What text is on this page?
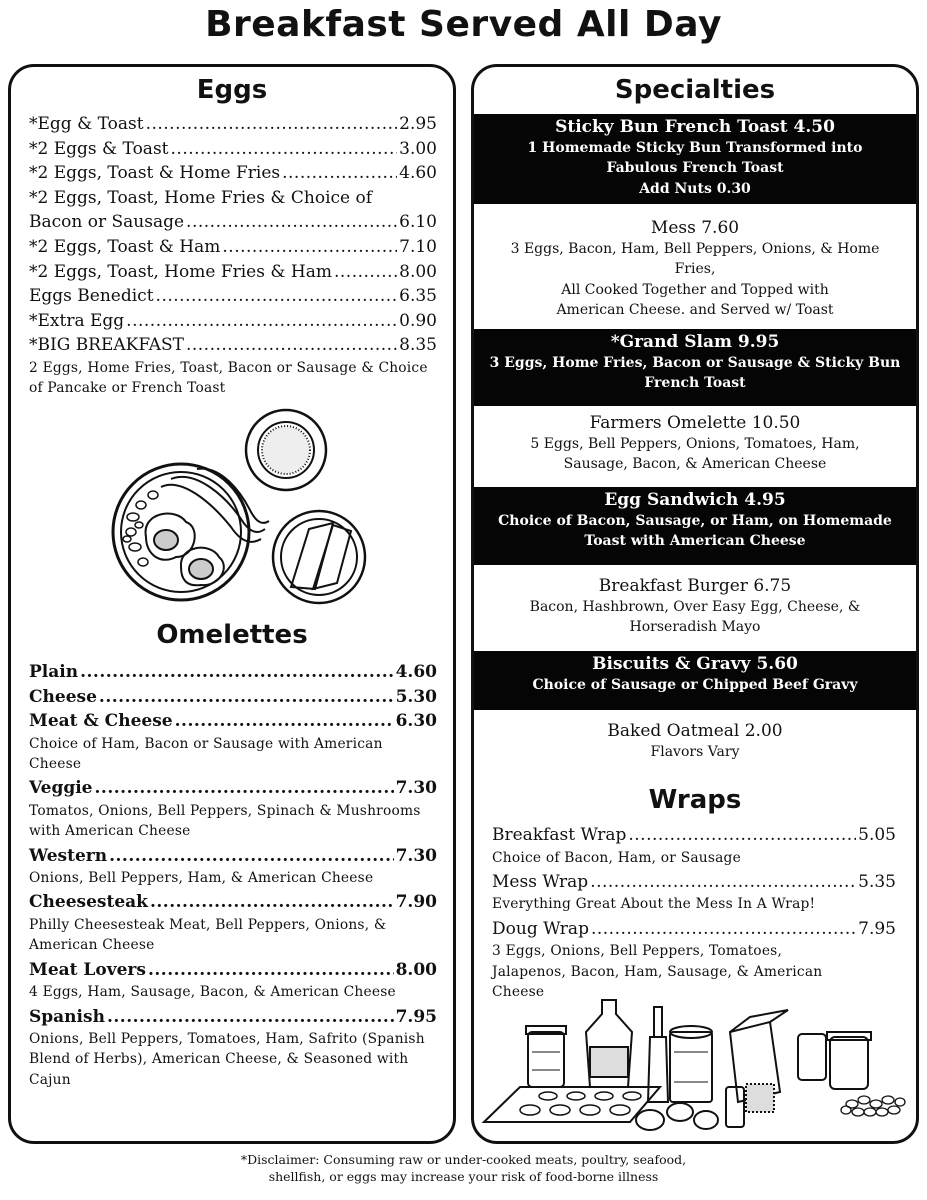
Breakfast Served All Day
Eggs
*Egg & Toast .....	2.95
*2 Eggs & Toast .....	3.00
*2 Eggs, Toast & Home Fries .....	4.60
*2 Eggs, Toast, Home Fries & Choice of
Bacon or Sausage .....	6.10
*2 Eggs, Toast & Ham .....	7.10
*2 Eggs, Toast, Home Fries & Ham .....	8.00
Eggs Benedict .....	6.35
*Extra Egg .....	0.90
*BIG BREAKFAST .....	8.35
2 Eggs, Home Fries, Toast, Bacon or Sausage & Choice of Pancake or French Toast
Omelettes
Plain .....	4.60
Cheese .....	5.30
Meat & Cheese .....	6.30
Choice of Ham, Bacon or Sausage with American Cheese
Veggie .....	7.30
Tomatos, Onions, Bell Peppers, Spinach & Mushrooms with American Cheese
Western .....	7.30
Onions, Bell Peppers, Ham, & American Cheese
Cheesesteak .....	7.90
Philly Cheesesteak Meat, Bell Peppers, Onions, & American Cheese
Meat Lovers .....	8.00
4 Eggs, Ham, Sausage, Bacon, & American Cheese
Spanish .....	7.95
Onions, Bell Peppers, Tomatoes, Ham, Safrito (Spanish Blend of Herbs), American Cheese, & Seasoned with Cajun
Specialties
Sticky Bun French Toast 4.50
1 Homemade Sticky Bun Transformed into
Fabulous French Toast
Add Nuts 0.30
Mess 7.60
3 Eggs, Bacon, Ham, Bell Peppers, Onions, & Home
Fries,
All Cooked Together and Topped with
American Cheese. and Served w/ Toast
*Grand Slam 9.95
3 Eggs, Home Fries, Bacon or Sausage & Sticky Bun
French Toast
Farmers Omelette 10.50
5 Eggs, Bell Peppers, Onions, Tomatoes, Ham,
Sausage, Bacon, & American Cheese
Egg Sandwich 4.95
Choice of Bacon, Sausage, or Ham, on Homemade
Toast with American Cheese
Breakfast Burger 6.75
Bacon, Hashbrown, Over Easy Egg, Cheese, &
Horseradish Mayo
Biscuits & Gravy 5.60
Choice of Sausage or Chipped Beef Gravy
Baked Oatmeal 2.00
Flavors Vary
Wraps
Breakfast Wrap .....	5.05
Choice of Bacon, Ham, or Sausage
Mess Wrap .....	5.35
Everything Great About the Mess In A Wrap!
Doug Wrap .....	7.95
3 Eggs, Onions, Bell Peppers, Tomatoes, Jalapenos, Bacon, Ham, Sausage, & American Cheese
*Disclaimer: Consuming raw or under-cooked meats, poultry, seafood,
shellfish, or eggs may increase your risk of food-borne illness
